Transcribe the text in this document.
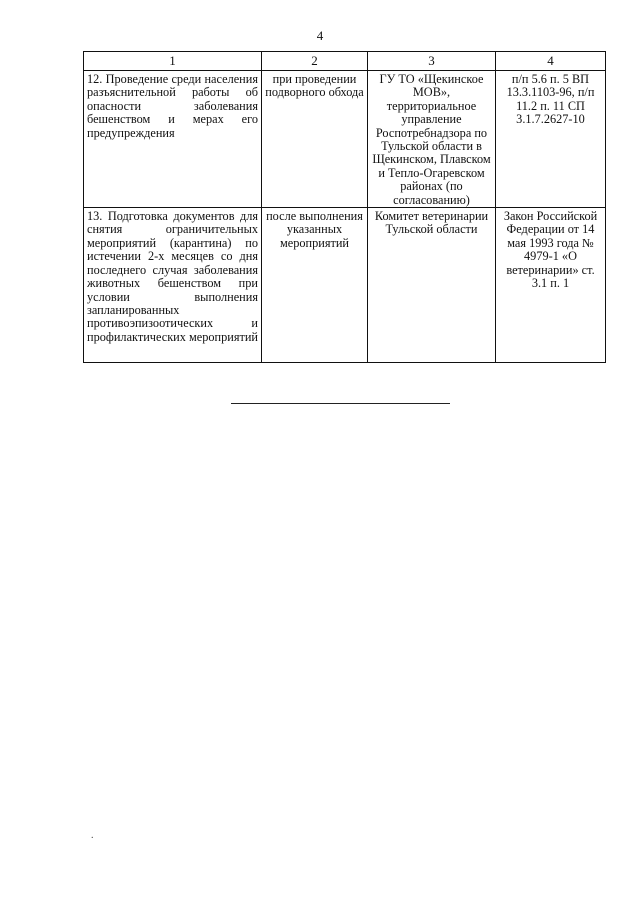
4
1	2	3	4

12. Проведение среди населения разъяснительной работы об опасности заболевания бешенством и мерах его предупреждения	при проведении подворного обхода	ГУ ТО «Щекинское МОВ», территориальное управление Роспотребнадзора по Тульской области в Щекинском, Плавском и Тепло-Огаревском районах (по согласованию)	п/п 5.6 п. 5 ВП 13.3.1103-96, п/п 11.2 п. 11 СП 3.1.7.2627-10

13. Подготовка документов для снятия ограничительных мероприятий (карантина) по истечении 2-х месяцев со дня последнего случая заболевания животных бешенством при условии выполнения запланированных противоэпизоотических и профилактических мероприятий	после выполнения указанных мероприятий	Комитет ветеринарии Тульской области	Закон Российской Федерации от 14 мая 1993 года № 4979-1 «О ветеринарии» ст. 3.1 п. 1
.
